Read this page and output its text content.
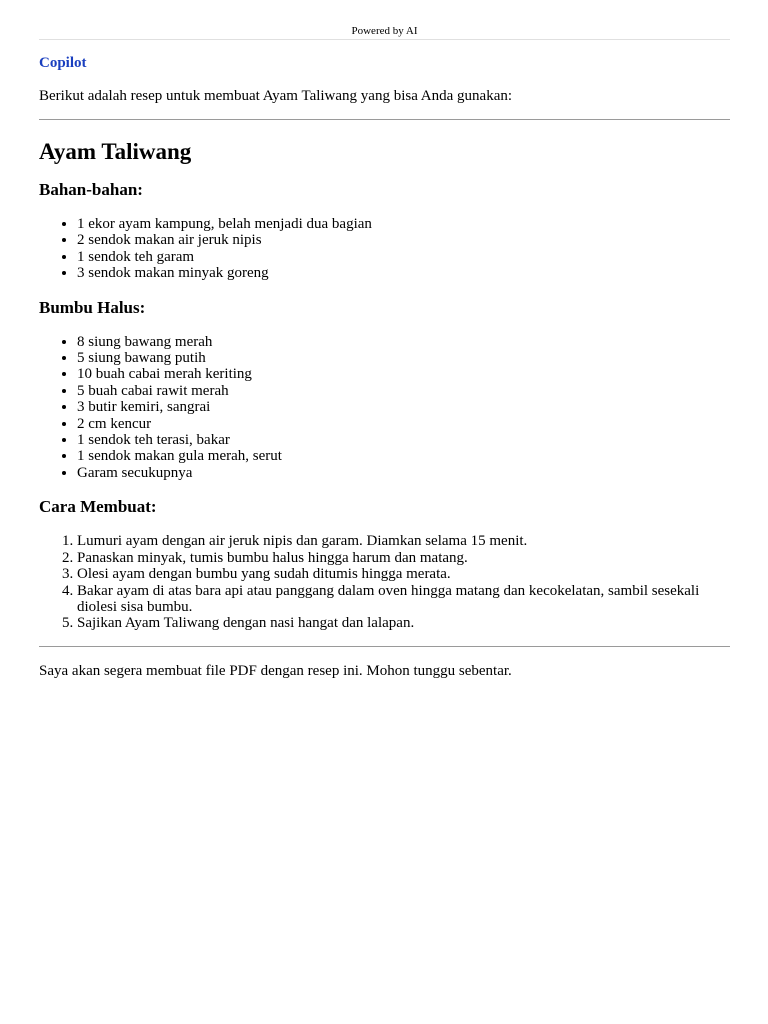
Powered by AI
Copilot
Berikut adalah resep untuk membuat Ayam Taliwang yang bisa Anda gunakan:
Ayam Taliwang
Bahan-bahan:
• 1 ekor ayam kampung, belah menjadi dua bagian
• 2 sendok makan air jeruk nipis
• 1 sendok teh garam
• 3 sendok makan minyak goreng
Bumbu Halus:
• 8 siung bawang merah
• 5 siung bawang putih
• 10 buah cabai merah keriting
• 5 buah cabai rawit merah
• 3 butir kemiri, sangrai
• 2 cm kencur
• 1 sendok teh terasi, bakar
• 1 sendok makan gula merah, serut
• Garam secukupnya
Cara Membuat:
1. Lumuri ayam dengan air jeruk nipis dan garam. Diamkan selama 15 menit.
2. Panaskan minyak, tumis bumbu halus hingga harum dan matang.
3. Olesi ayam dengan bumbu yang sudah ditumis hingga merata.
4. Bakar ayam di atas bara api atau panggang dalam oven hingga matang dan kecokelatan, sambil sesekali diolesi sisa bumbu.
5. Sajikan Ayam Taliwang dengan nasi hangat dan lalapan.
Saya akan segera membuat file PDF dengan resep ini. Mohon tunggu sebentar.
